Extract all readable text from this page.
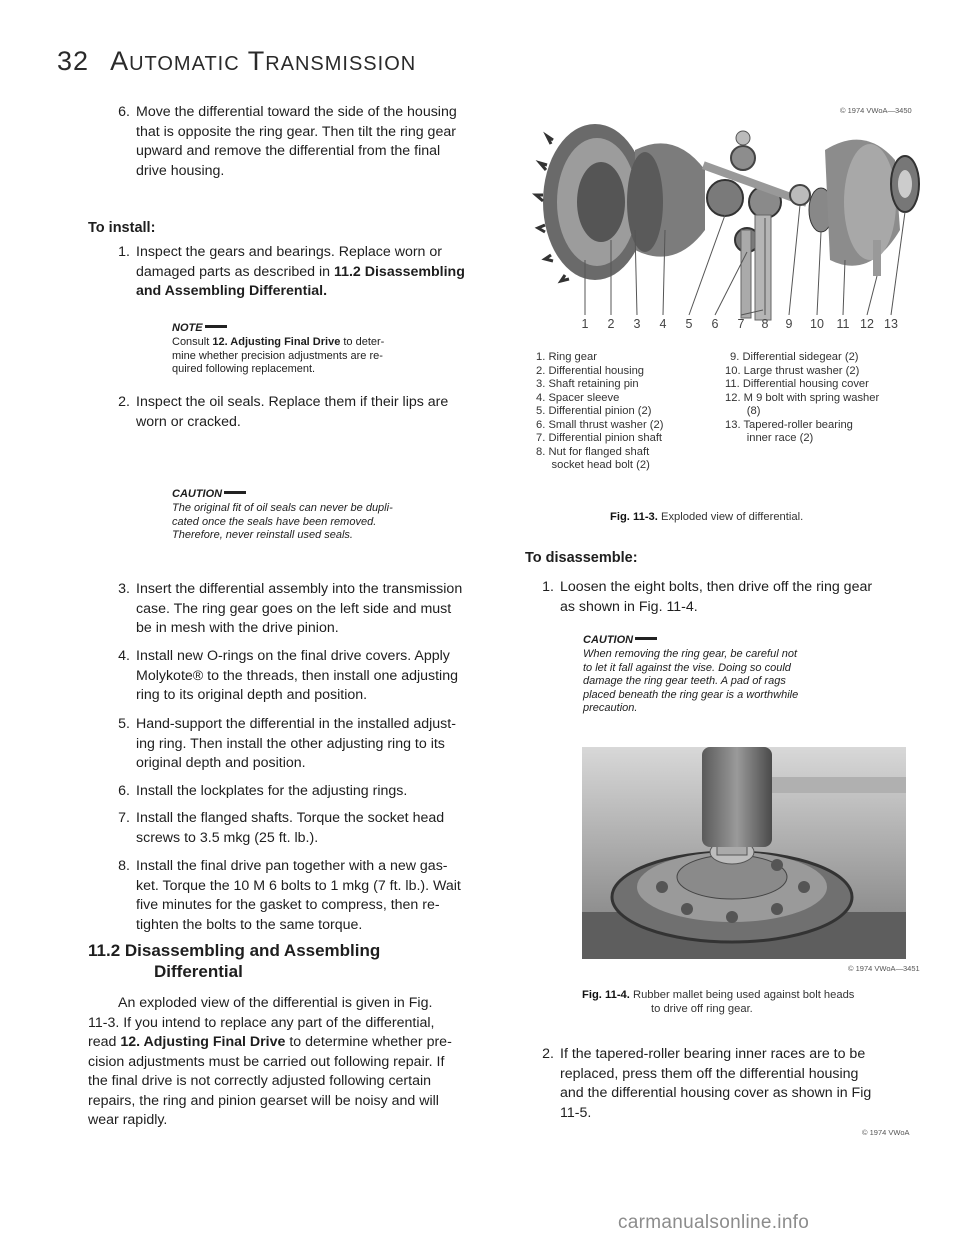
32 AUTOMATIC TRANSMISSION
6. Move the differential toward the side of the housing
that is opposite the ring gear. Then tilt the ring gear
upward and remove the differential from the final
drive housing.
To install:
1. Inspect the gears and bearings. Replace worn or
damaged parts as described in 11.2 Disassembling
and Assembling Differential.
NOTE
Consult 12. Adjusting Final Drive to deter-
mine whether precision adjustments are re-
quired following replacement.
2. Inspect the oil seals. Replace them if their lips are
worn or cracked.
CAUTION
The original fit of oil seals can never be dupli-
cated once the seals have been removed.
Therefore, never reinstall used seals.
3. Insert the differential assembly into the transmission
case. The ring gear goes on the left side and must
be in mesh with the drive pinion.
4. Install new O-rings on the final drive covers. Apply
Molykote® to the threads, then install one adjusting
ring to its original depth and position.
5. Hand-support the differential in the installed adjust-
ing ring. Then install the other adjusting ring to its
original depth and position.
6. Install the lockplates for the adjusting rings.
7. Install the flanged shafts. Torque the socket head
screws to 3.5 mkg (25 ft. lb.).
8. Install the final drive pan together with a new gas-
ket. Torque the 10 M 6 bolts to 1 mkg (7 ft. lb.). Wait
five minutes for the gasket to compress, then re-
tighten the bolts to the same torque.
11.2 Disassembling and Assembling
Differential
An exploded view of the differential is given in Fig.
11-3. If you intend to replace any part of the differential,
read 12. Adjusting Final Drive to determine whether pre-
cision adjustments must be carried out following repair. If
the final drive is not correctly adjusted following certain
repairs, the ring and pinion gearset will be noisy and will
wear rapidly.
© 1974 VWoA—3450
1	2	3	4	5	6	7	8	9	10 11 12 13
1. Ring gear
2. Differential housing
3. Shaft retaining pin
4. Spacer sleeve
5. Differential pinion (2)
6. Small thrust washer (2)
7. Differential pinion shaft
8. Nut for flanged shaft
socket head bolt (2)
9. Differential sidegear (2)
10. Large thrust washer (2)
11. Differential housing cover
12. M 9 bolt with spring washer
(8)
13. Tapered-roller bearing
inner race (2)
Fig. 11-3. Exploded view of differential.
To disassemble:
1. Loosen the eight bolts, then drive off the ring gear
as shown in Fig. 11-4.
CAUTION
When removing the ring gear, be careful not
to let it fall against the vise. Doing so could
damage the ring gear teeth. A pad of rags
placed beneath the ring gear is a worthwhile
precaution.
© 1974 VWoA—3451
Fig. 11-4. Rubber mallet being used against bolt heads
to drive off ring gear.
2. If the tapered-roller bearing inner races are to be
replaced, press them off the differential housing
and the differential housing cover as shown in Fig
11-5.
© 1974 VWoA
carmanualsonline.info
